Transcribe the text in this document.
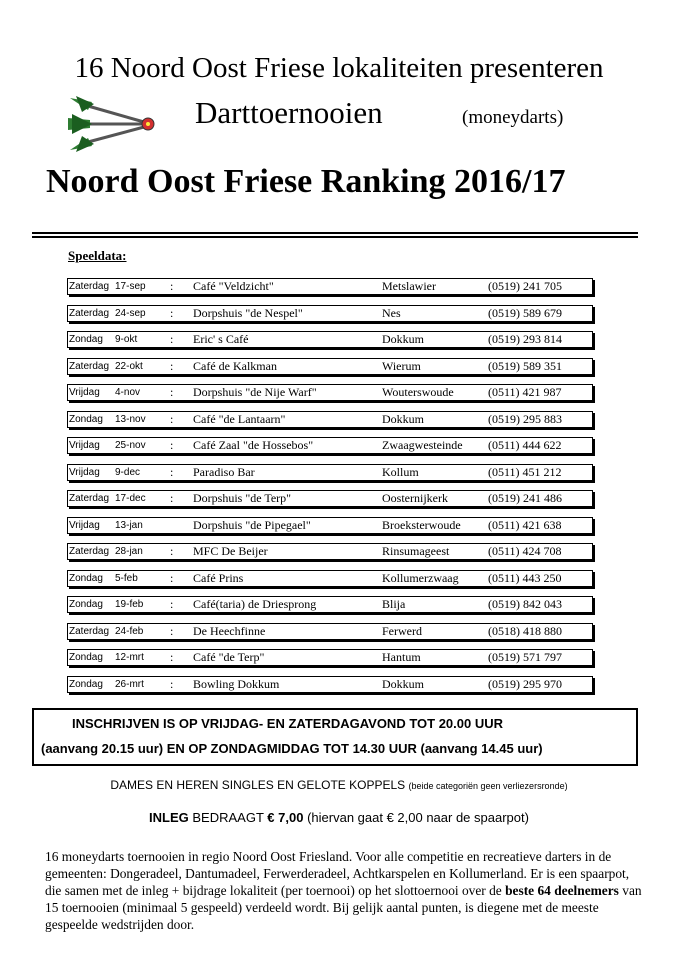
16 Noord Oost Friese lokaliteiten presenteren
Darttoernooien	(moneydarts)
Noord Oost Friese Ranking 2016/17
Speeldata:
Zaterdag 17-sep	Café "Veldzicht"	Metslawier	(0519) 241 705
:
Zaterdag 24-sep	Dorpshuis "de Nespel"	Nes	(0519) 589 679
:
Zondag 9-okt	Eric' s Café	Dokkum	(0519) 293 814
:
Zaterdag 22-okt	Café de Kalkman	Wierum	(0519) 589 351
:
Vrijdag 4-nov	Dorpshuis "de Nije Warf"	Wouterswoude	(0511) 421 987
:
Zondag 13-nov	Café "de Lantaarn"	Dokkum	(0519) 295 883
:
Vrijdag 25-nov	Café Zaal "de Hossebos"	Zwaagwesteinde (0511) 444 622
:
Vrijdag 9-dec	Paradiso Bar	Kollum	(0511) 451 212
:
Zaterdag 17-dec	Dorpshuis "de Terp"	Oosternijkerk	(0519) 241 486
:
Vrijdag 13-jan	Dorpshuis "de Pipegael"	Broeksterwoude (0511) 421 638
Zaterdag 28-jan	MFC De Beijer	Rinsumageest	(0511) 424 708
:
Zondag 5-feb	Café Prins	Kollumerzwaag (0511) 443 250
:
Zondag 19-feb	Café(taria) de Driesprong	Blija	(0519) 842 043
:
Zaterdag 24-feb	De Heechfinne	Ferwerd	(0518) 418 880
:
Zondag 12-mrt	Café "de Terp"	Hantum	(0519) 571 797
:
Zondag 26-mrt	Bowling Dokkum	Dokkum	(0519) 295 970
:
INSCHRIJVEN IS OP VRIJDAG- EN ZATERDAGAVOND TOT 20.00 UUR
(aanvang 20.15 uur) EN OP ZONDAGMIDDAG TOT 14.30 UUR (aanvang 14.45 uur)
DAMES EN HEREN SINGLES EN GELOTE KOPPELS (beide categoriën geen verliezersronde)
INLEG BEDRAAGT € 7,00 (hiervan gaat € 2,00 naar de spaarpot)
16 moneydarts toernooien in regio Noord Oost Friesland. Voor alle competitie en recreatieve darters in de gemeenten: Dongeradeel, Dantumadeel, Ferwerderadeel, Achtkarspelen en Kollumerland. Er is een spaarpot, die samen met de inleg + bijdrage lokaliteit (per toernooi) op het slottoernooi over de beste 64 deelnemers van 15 toernooien (minimaal 5 gespeeld) verdeeld wordt. Bij gelijk aantal punten, is diegene met de meeste gespeelde wedstrijden door.
